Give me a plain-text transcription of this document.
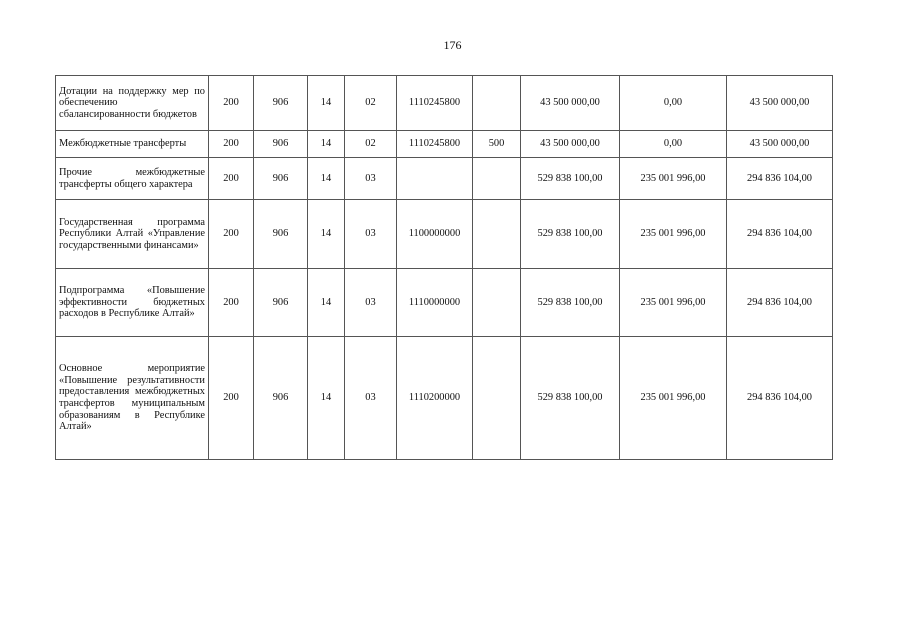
176
Дотации на поддержку мер по обеспечению сбалансированности бюджетов	200	906	14	02	1110245800		43 500 000,00	0,00	43 500 000,00
Межбюджетные трансферты	200	906	14	02	1110245800	500	43 500 000,00	0,00	43 500 000,00
Прочие межбюджетные трансферты общего характера	200	906	14	03			529 838 100,00	235 001 996,00	294 836 104,00
Государственная программа Республики Алтай «Управление государственными финансами»	200	906	14	03	1100000000		529 838 100,00	235 001 996,00	294 836 104,00
Подпрограмма «Повышение эффективности бюджетных расходов в Республике Алтай»	200	906	14	03	1110000000		529 838 100,00	235 001 996,00	294 836 104,00
Основное мероприятие «Повышение результативности предоставления межбюджетных трансфертов муниципальным образованиям в Республике Алтай»	200	906	14	03	1110200000		529 838 100,00	235 001 996,00	294 836 104,00
